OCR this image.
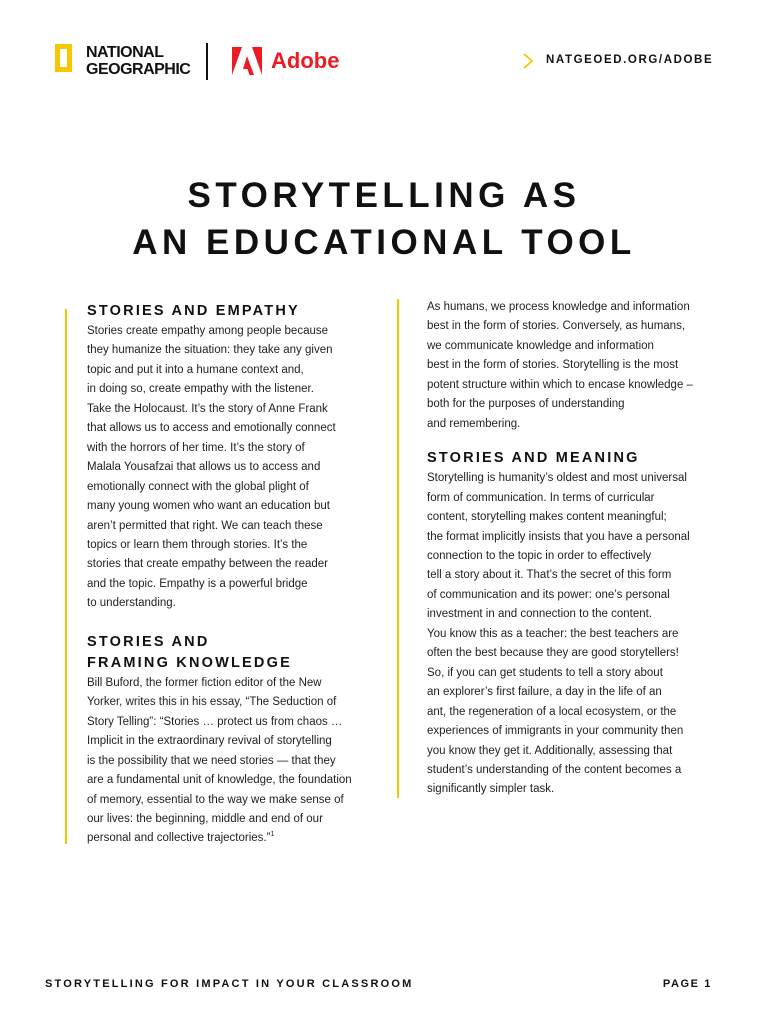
NATIONAL
GEOGRAPHIC	Adobe	NATGEOED.ORG/ADOBE
STORYTELLING AS
AN EDUCATIONAL TOOL
STORIES AND EMPATHY

Stories create empathy among people because
they humanize the situation: they take any given
topic and put it into a humane context and,
in doing so, create empathy with the listener.
Take the Holocaust. It’s the story of Anne Frank
that allows us to access and emotionally connect
with the horrors of her time. It’s the story of
Malala Yousafzai that allows us to access and
emotionally connect with the global plight of
many young women who want an education but
aren’t permitted that right. We can teach these
topics or learn them through stories. It’s the
stories that create empathy between the reader
and the topic. Empathy is a powerful bridge
to understanding.

STORIES AND
FRAMING KNOWLEDGE

Bill Buford, the former fiction editor of the New
Yorker, writes this in his essay, “The Seduction of
Story Telling”: “Stories … protect us from chaos …
Implicit in the extraordinary revival of storytelling
is the possibility that we need stories — that they
are a fundamental unit of knowledge, the foundation
of memory, essential to the way we make sense of
our lives: the beginning, middle and end of our
personal and collective trajectories.”$^1$

As humans, we process knowledge and information
best in the form of stories. Conversely, as humans,
we communicate knowledge and information
best in the form of stories. Storytelling is the most
potent structure within which to encase knowledge –
both for the purposes of understanding
and remembering.

STORIES AND MEANING

Storytelling is humanity’s oldest and most universal
form of communication. In terms of curricular
content, storytelling makes content meaningful;
the format implicitly insists that you have a personal
connection to the topic in order to effectively
tell a story about it. That’s the secret of this form
of communication and its power: one’s personal
investment in and connection to the content.
You know this as a teacher: the best teachers are
often the best because they are good storytellers!
So, if you can get students to tell a story about
an explorer’s first failure, a day in the life of an
ant, the regeneration of a local ecosystem, or the
experiences of immigrants in your community then
you know they get it. Additionally, assessing that
student’s understanding of the content becomes a
significantly simpler task.

STORYTELLING FOR IMPACT IN YOUR CLASSROOM	PAGE 1
